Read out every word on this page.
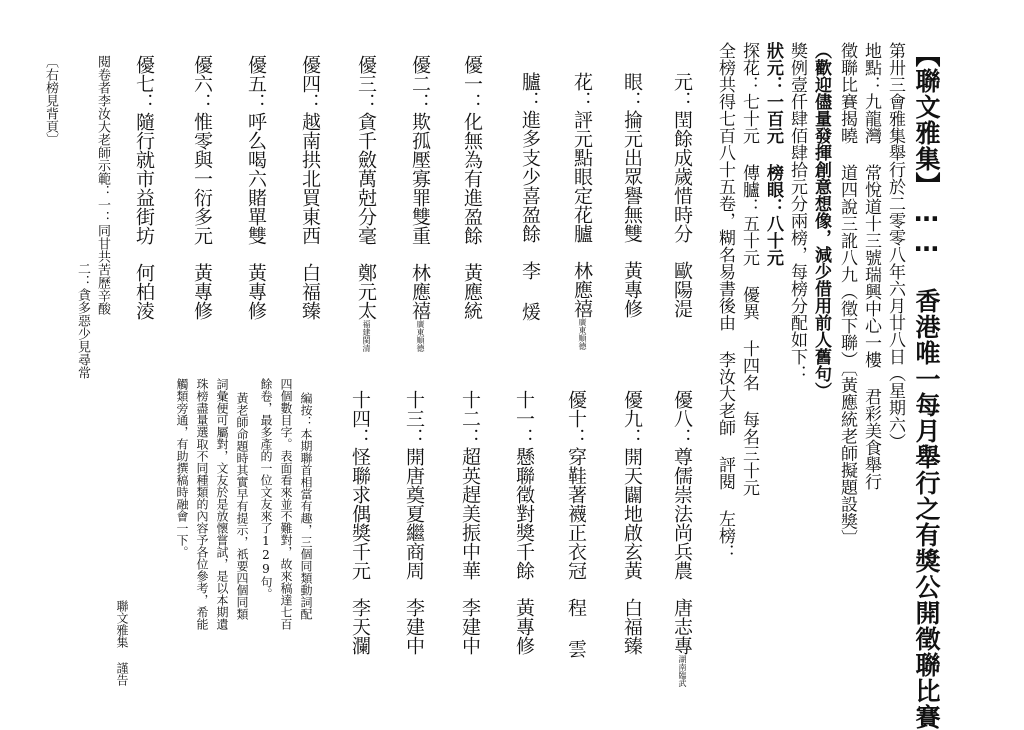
【聯文雅集】…… 香港唯一每月舉行之有獎公開徵聯比賽
第卅三會雅集舉行於二零零八年六月廿八日（星期六）
地點：九龍灣 常悅道十三號瑞興中心一樓 君彩美食舉行
徵聯比賽揭曉 道四說三訛八九（徵下聯）〔黃應統老師擬題設獎〕
（歡迎儘量發揮創意想像，減少借用前人舊句）
獎例壹仟肆佰肆拾元分兩榜，每榜分配如下：
狀元：一百元 榜眼：八十元
探花：七十元 傳臚：五十元 優異 十四名 每名三十元
全榜共得七百八十五卷，糊名易書後由 李汝大老師 評閱 左榜：
元：閏餘成歲惜時分歐陽湜
眼：掄元出眾譽無雙黃專修
花：評元點眼定花臚林應禧廣東順德
臚：進多支少喜盈餘李 煖
優一：化無為有進盈餘黃應統
優二：欺孤壓寡罪雙重林應禧廣東順德
優三：貪千斂萬尅分毫鄭元太福建閩清
優四：越南拱北買東西白福臻
優五：呼么喝六賭單雙黃專修
優六：惟零與一衍多元黃專修
優七：隨行就市益街坊何柏淩
閱卷者李汝大老師示範：一：同甘共苦歷辛酸
二：貪多惡少見尋常
〔右榜見背頁〕
優八：尊儒崇法尚兵農唐志專湖南臨武
優九：開天闢地啟玄黃白福臻
優十：穿鞋著襪正衣冠程 雲
十一：懸聯徵對獎千餘黃專修
十二：超英趕美振中華李建中
十三：開唐奠夏繼商周李建中
十四：怪聯求偶獎千元李天瀾
編按：本期聯首相當有趣，三個同類動詞配
四個數目字。表面看來並不難對，故來稿達七百
餘卷，最多產的一位文友來了129句。
黃老師命題時其實早有提示，祇要四個同類
詞彙便可屬對，文友於是放懷嘗試，是以本期遺
珠榜盡量選取不同種類的內容予各位參考，希能
觸類旁通，有助撰稿時融會一下。
聯文雅集 謹告
